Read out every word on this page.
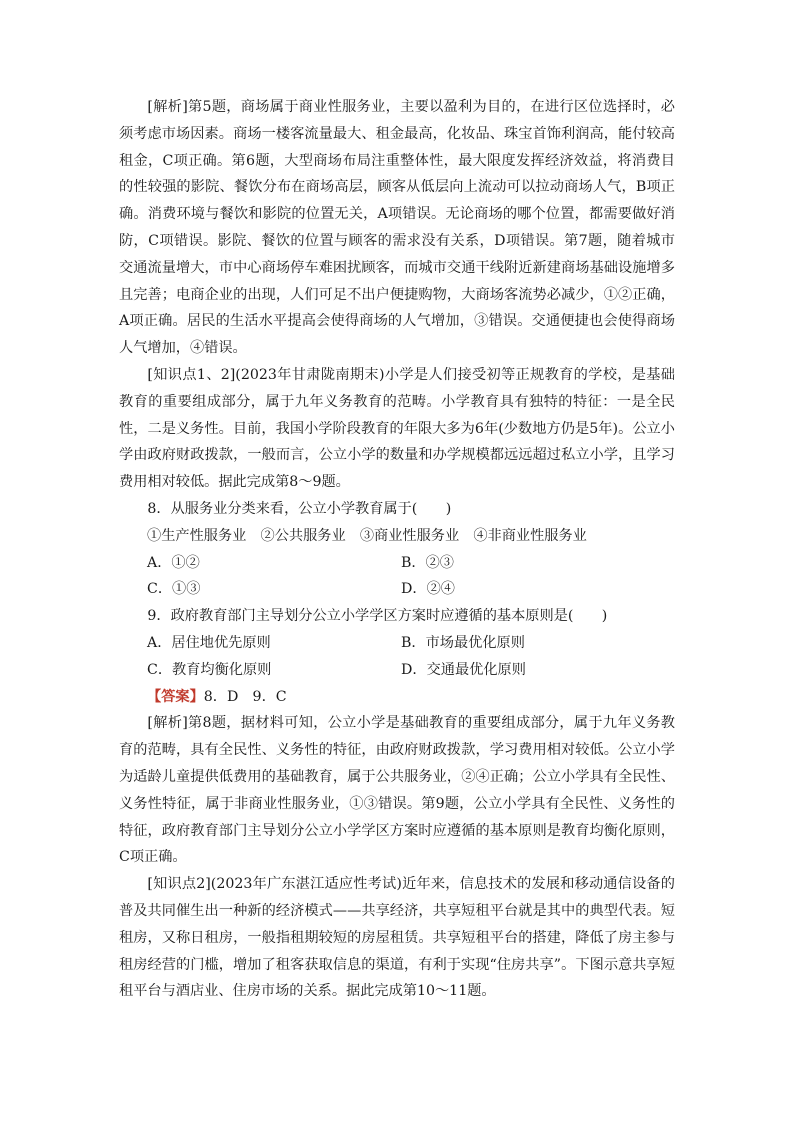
[解析]第5题，商场属于商业性服务业，主要以盈利为目的，在进行区位选择时，必须考虑市场因素。商场一楼客流量最大、租金最高，化妆品、珠宝首饰利润高，能付较高租金，C项正确。第6题，大型商场布局注重整体性，最大限度发挥经济效益，将消费目的性较强的影院、餐饮分布在商场高层，顾客从低层向上流动可以拉动商场人气，B项正确。消费环境与餐饮和影院的位置无关，A项错误。无论商场的哪个位置，都需要做好消防，C项错误。影院、餐饮的位置与顾客的需求没有关系，D项错误。第7题，随着城市交通流量增大，市中心商场停车难困扰顾客，而城市交通干线附近新建商场基础设施增多且完善；电商企业的出现，人们可足不出户便捷购物，大商场客流势必减少，①②正确，A项正确。居民的生活水平提高会使得商场的人气增加，③错误。交通便捷也会使得商场人气增加，④错误。

[知识点1、2](2023年甘肃陇南期末)小学是人们接受初等正规教育的学校，是基础教育的重要组成部分，属于九年义务教育的范畴。小学教育具有独特的特征：一是全民性，二是义务性。目前，我国小学阶段教育的年限大多为6年(少数地方仍是5年)。公立小学由政府财政拨款，一般而言，公立小学的数量和办学规模都远远超过私立小学，且学习费用相对较低。据此完成第8～9题。

8．从服务业分类来看，公立小学教育属于(　　)

①生产性服务业　②公共服务业　③商业性服务业　④非商业性服务业

A．①②	B．②③
C．①③	D．②④

9．政府教育部门主导划分公立小学学区方案时应遵循的基本原则是(　　)

A．居住地优先原则	B．市场最优化原则
C．教育均衡化原则	D．交通最优化原则

【答案】8．D　9．C

[解析]第8题，据材料可知，公立小学是基础教育的重要组成部分，属于九年义务教育的范畴，具有全民性、义务性的特征，由政府财政拨款，学习费用相对较低。公立小学为适龄儿童提供低费用的基础教育，属于公共服务业，②④正确；公立小学具有全民性、义务性特征，属于非商业性服务业，①③错误。第9题，公立小学具有全民性、义务性的特征，政府教育部门主导划分公立小学学区方案时应遵循的基本原则是教育均衡化原则，C项正确。

[知识点2](2023年广东湛江适应性考试)近年来，信息技术的发展和移动通信设备的普及共同催生出一种新的经济模式——共享经济，共享短租平台就是其中的典型代表。短租房，又称日租房，一般指租期较短的房屋租赁。共享短租平台的搭建，降低了房主参与租房经营的门槛，增加了租客获取信息的渠道，有利于实现“住房共享”。下图示意共享短租平台与酒店业、住房市场的关系。据此完成第10～11题。
